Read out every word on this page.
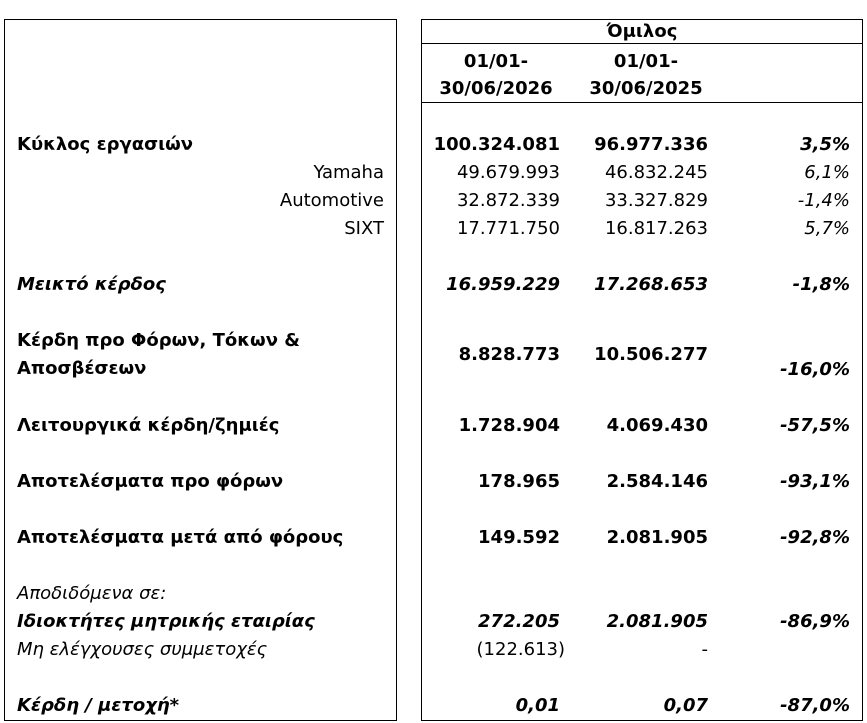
Όμιλος
01/01-
30/06/2026
01/01-
30/06/2025
Κύκλος εργασιών	100.324.081 96.977.336	3,5%
Yamaha	49.679.993 46.832.245	6,1%
Automotive	32.872.339 33.327.829	-1,4%
SIXT	17.771.750 16.817.263	5,7%
Μεικτό κέρδος	16.959.229 17.268.653	-1,8%
Κέρδη προ Φόρων, Τόκων &
Αποσβέσεων
8.828.773 10.506.277
-16,0%
Λειτουργικά κέρδη/ζημιές	1.728.904	4.069.430	-57,5%
Αποτελέσματα προ φόρων	178.965	2.584.146	-93,1%
Αποτελέσματα μετά από φόρους	149.592	2.081.905	-92,8%
Αποδιδόμενα σε:
Ιδιοκτήτες μητρικής εταιρίας	272.205	2.081.905	-86,9%
Μη ελέγχουσες συμμετοχές	(122.613)	-
Κέρδη / μετοχή*	0,01	0,07	-87,0%
